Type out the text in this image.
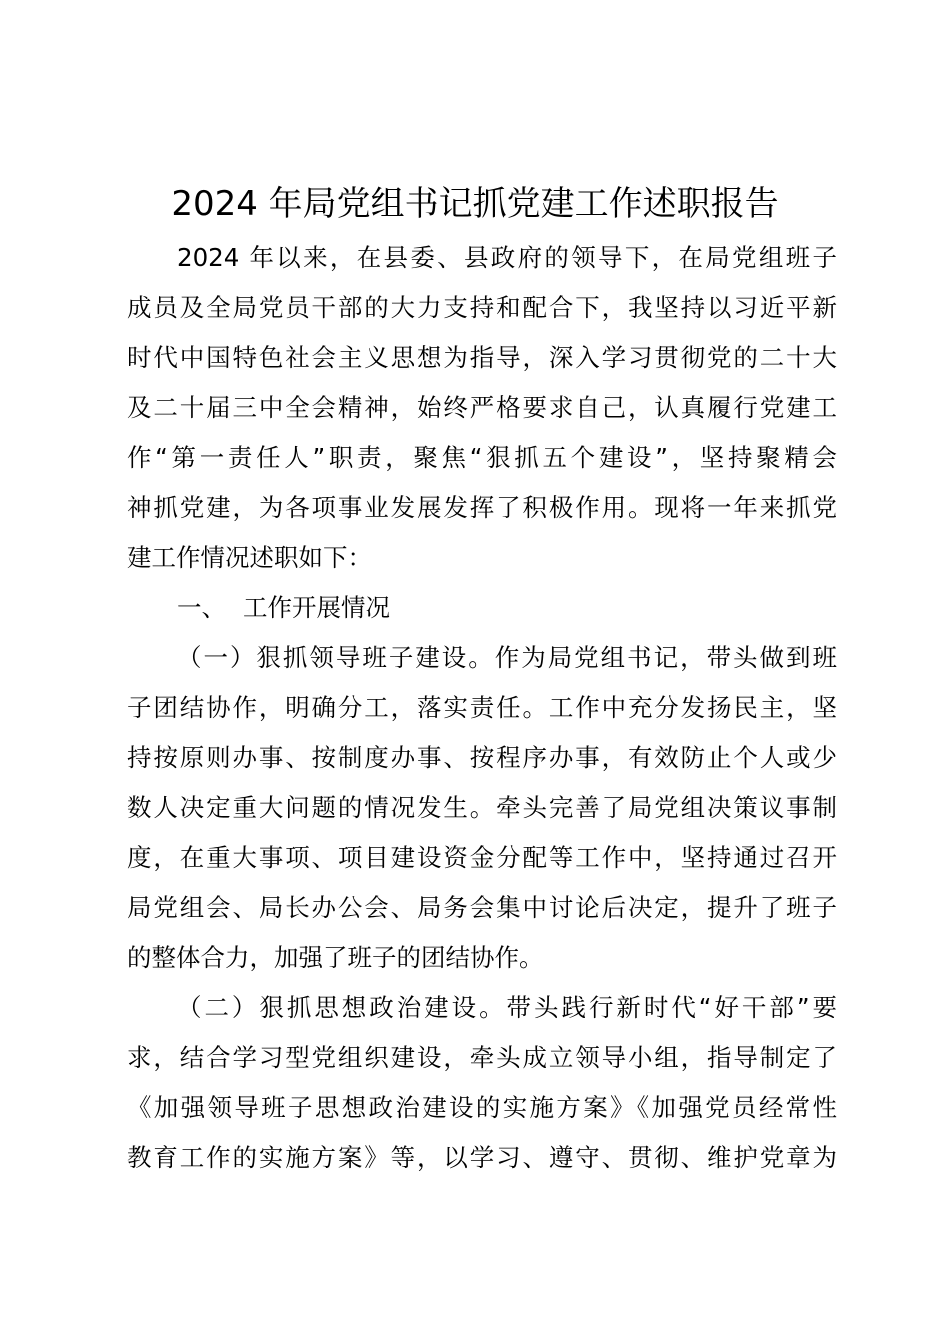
2024 年局党组书记抓党建工作述职报告
2024 年以来，在县委、县政府的领导下，在局党组班子
成员及全局党员干部的大力支持和配合下，我坚持以习近平新
时代中国特色社会主义思想为指导，深入学习贯彻党的二十大
及二十届三中全会精神，始终严格要求自己，认真履行党建工
作“第一责任人”职责，聚焦“狠抓五个建设”，坚持聚精会
神抓党建，为各项事业发展发挥了积极作用。现将一年来抓党
建工作情况述职如下：
一、 工作开展情况
（一）狠抓领导班子建设。作为局党组书记，带头做到班
子团结协作，明确分工，落实责任。工作中充分发扬民主，坚
持按原则办事、按制度办事、按程序办事，有效防止个人或少
数人决定重大问题的情况发生。牵头完善了局党组决策议事制
度，在重大事项、项目建设资金分配等工作中，坚持通过召开
局党组会、局长办公会、局务会集中讨论后决定，提升了班子
的整体合力，加强了班子的团结协作。
（二）狠抓思想政治建设。带头践行新时代“好干部”要
求，结合学习型党组织建设，牵头成立领导小组，指导制定了
《加强领导班子思想政治建设的实施方案》《加强党员经常性
教育工作的实施方案》等，以学习、遵守、贯彻、维护党章为
